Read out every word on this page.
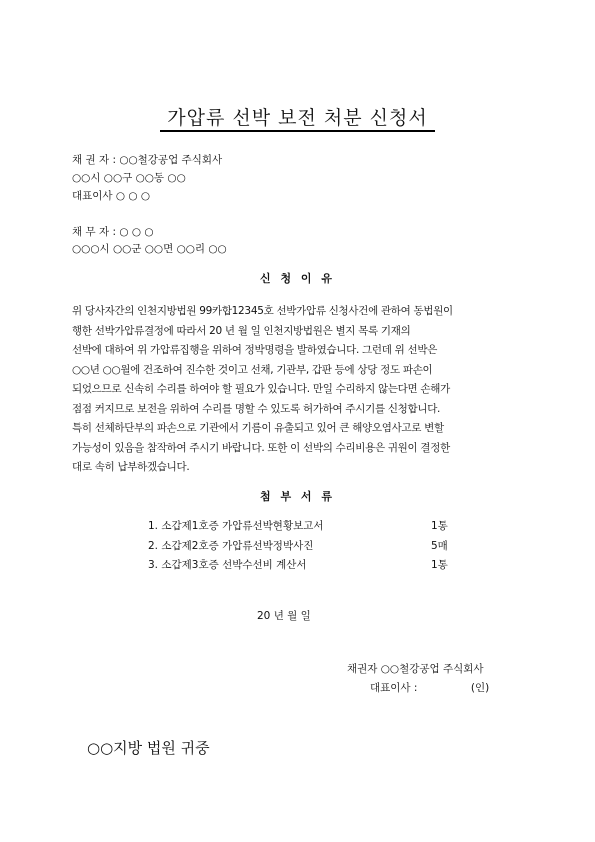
가압류 선박 보전 처분 신청서
채 권 자 : ○○철강공업 주식회사
○○시 ○○구 ○○동 ○○
대표이사 ○ ○ ○
채 무 자 : ○ ○ ○
○○○시 ○○군 ○○면 ○○리 ○○
신 청 이 유
위 당사자간의 인천지방법원 99카합12345호 선박가압류 신청사건에 관하여 동법원이
행한 선박가압류결정에 따라서 20 년 월 일 인천지방법원은 별지 목록 기재의
선박에 대하여 위 가압류집행을 위하여 정박명령을 발하였습니다. 그런데 위 선박은
○○년 ○○월에 건조하여 진수한 것이고 선채, 기관부, 갑판 등에 상당 정도 파손이
되었으므로 신속히 수리를 하여야 할 필요가 있습니다. 만일 수리하지 않는다면 손해가
점점 커지므로 보전을 위하여 수리를 명할 수 있도록 허가하여 주시기를 신청합니다.
특히 선체하단부의 파손으로 기관에서 기름이 유출되고 있어 큰 해양오염사고로 변할
가능성이 있음을 참작하여 주시기 바랍니다. 또한 이 선박의 수리비용은 귀원이 결정한
대로 속히 납부하겠습니다.
첨 부 서 류
1. 소갑제1호증 가압류선박현황보고서	1통
2. 소갑제2호증 가압류선박정박사진	5매
3. 소갑제3호증 선박수선비 계산서	1통
20 년 월 일
채권자 ○○철강공업 주식회사
대표이사 :                (인)
○○지방 법원 귀중
